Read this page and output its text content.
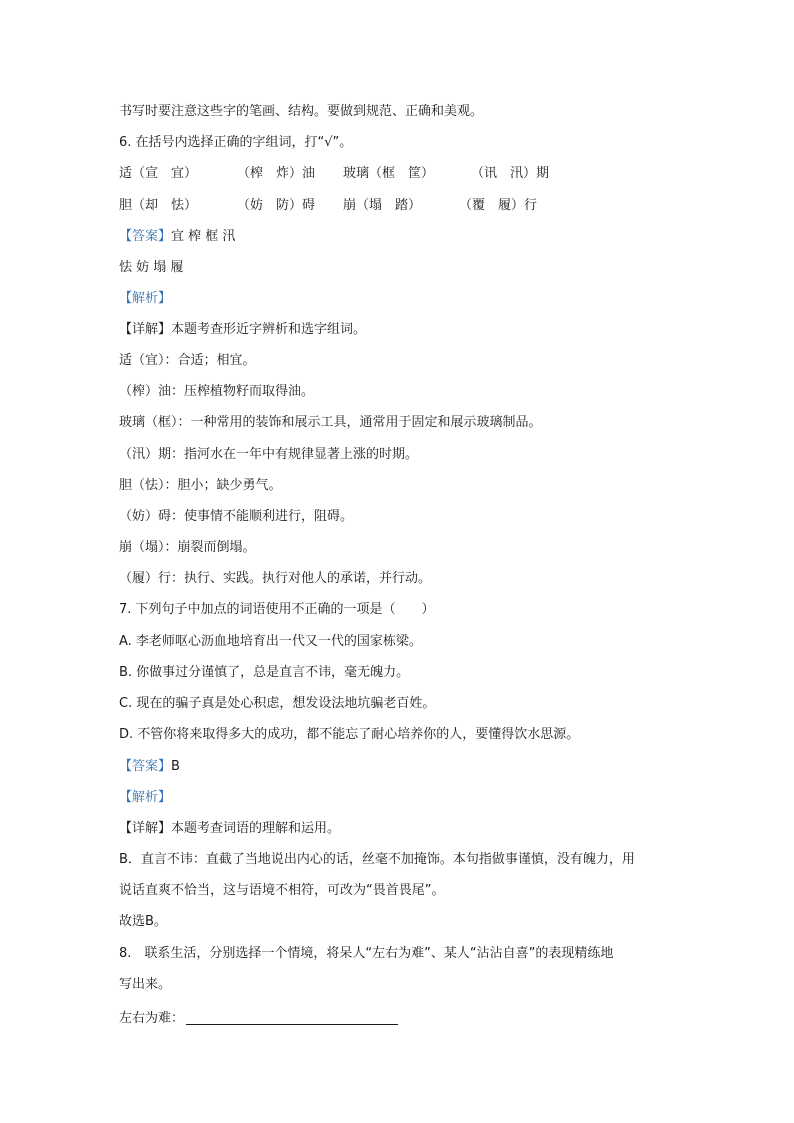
书写时要注意这些字的笔画、结构。要做到规范、正确和美观。
6. 在括号内选择正确的字组词，打“√”。
适（宣　宜）	（榨　炸）油 玻璃（框　筐）	（讯　汛）期
胆（却　怯）	（妨　防）碍 崩（塌　踏）	（覆　履）行
【答案】宜 榨 框 汛
怯 妨 塌 履
【解析】
【详解】本题考查形近字辨析和选字组词。
适（宜）：合适；相宜。
（榨）油：压榨植物籽而取得油。
玻璃（框）：一种常用的装饰和展示工具，通常用于固定和展示玻璃制品。
（汛）期：指河水在一年中有规律显著上涨的时期。
胆（怯）：胆小；缺少勇气。
（妨）碍：使事情不能顺利进行，阻碍。
崩（塌）：崩裂而倒塌。
（履）行：执行、实践。执行对他人的承诺，并行动。
7. 下列句子中加点的词语使用不正确的一项是（　　）
A. 李老师呕心沥血地培育出一代又一代的国家栋梁。
B. 你做事过分谨慎了，总是直言不讳，毫无魄力。
C. 现在的骗子真是处心积虑，想发设法地坑骗老百姓。
D. 不管你将来取得多大的成功，都不能忘了耐心培养你的人，要懂得饮水思源。
【答案】B
【解析】
【详解】本题考查词语的理解和运用。
B．直言不讳：直截了当地说出内心的话，丝毫不加掩饰。本句指做事谨慎，没有魄力，用
说话直爽不恰当，这与语境不相符，可改为“畏首畏尾”。
故选B。
8.　联系生活，分别选择一个情境，将呆人“左右为难”、某人“沾沾自喜”的表现精练地
写出来。
左右为难：
